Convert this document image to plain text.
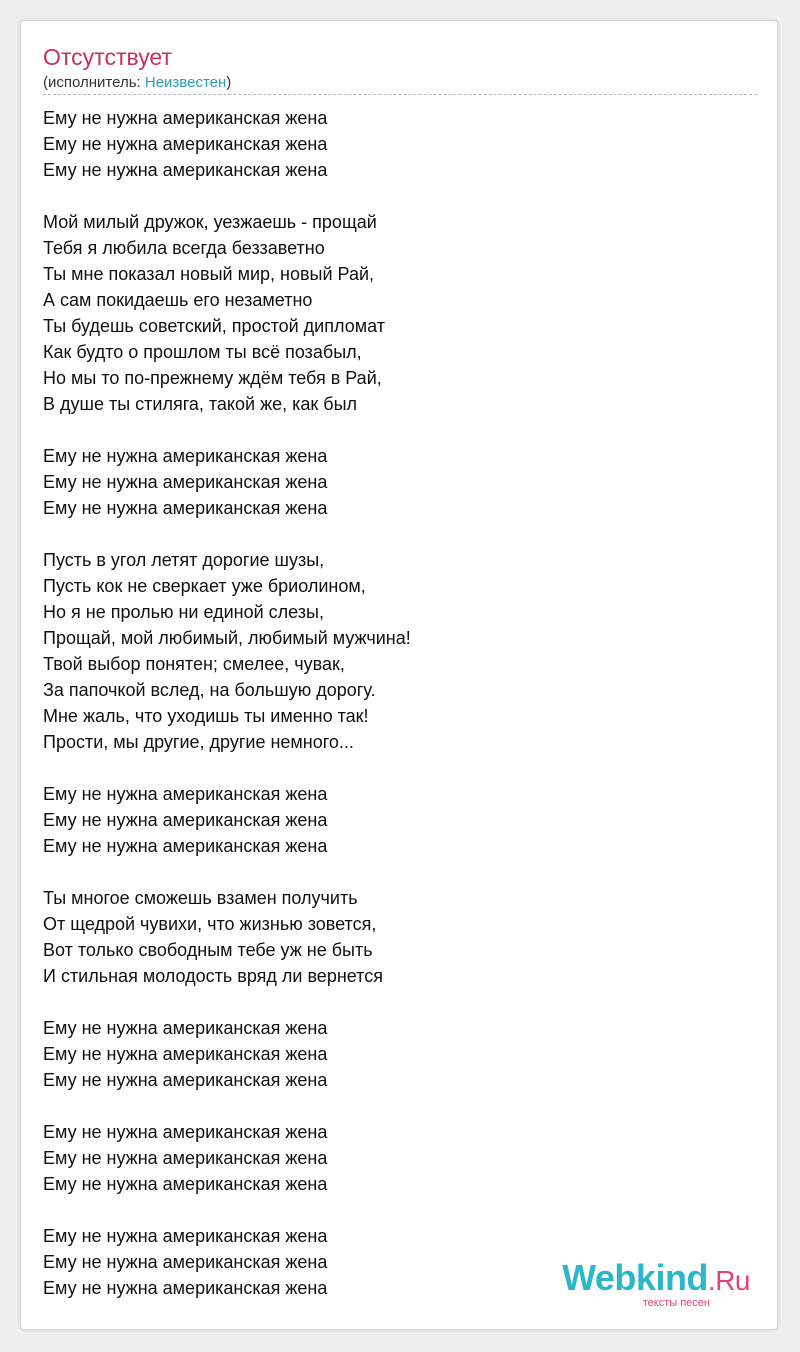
Отсутствует
(исполнитель: Неизвестен)
Ему не нужна американская жена
Ему не нужна американская жена
Ему не нужна американская жена
Мой милый дружок, уезжаешь - прощай
Тебя я любила всегда беззаветно
Ты мне показал новый мир, новый Рай,
А сам покидаешь его незаметно
Ты будешь советский, простой дипломат
Как будто о прошлом ты всё позабыл,
Но мы то по-прежнему ждём тебя в Рай,
В душе ты стиляга, такой же, как был
Ему не нужна американская жена
Ему не нужна американская жена
Ему не нужна американская жена
Пусть в угол летят дорогие шузы,
Пусть кок не сверкает уже бриолином,
Но я не пролью ни единой слезы,
Прощай, мой любимый, любимый мужчина!
Твой выбор понятен; смелее, чувак,
За папочкой вслед, на большую дорогу.
Мне жаль, что уходишь ты именно так!
Прости, мы другие, другие немного...
Ему не нужна американская жена
Ему не нужна американская жена
Ему не нужна американская жена
Ты многое сможешь взамен получить
От щедрой чувихи, что жизнью зовется,
Вот только свободным тебе уж не быть
И стильная молодость вряд ли вернется
Ему не нужна американская жена
Ему не нужна американская жена
Ему не нужна американская жена
Ему не нужна американская жена
Ему не нужна американская жена
Ему не нужна американская жена
Ему не нужна американская жена
Ему не нужна американская жена
Ему не нужна американская жена	Webkind.Ru
тексты песен
